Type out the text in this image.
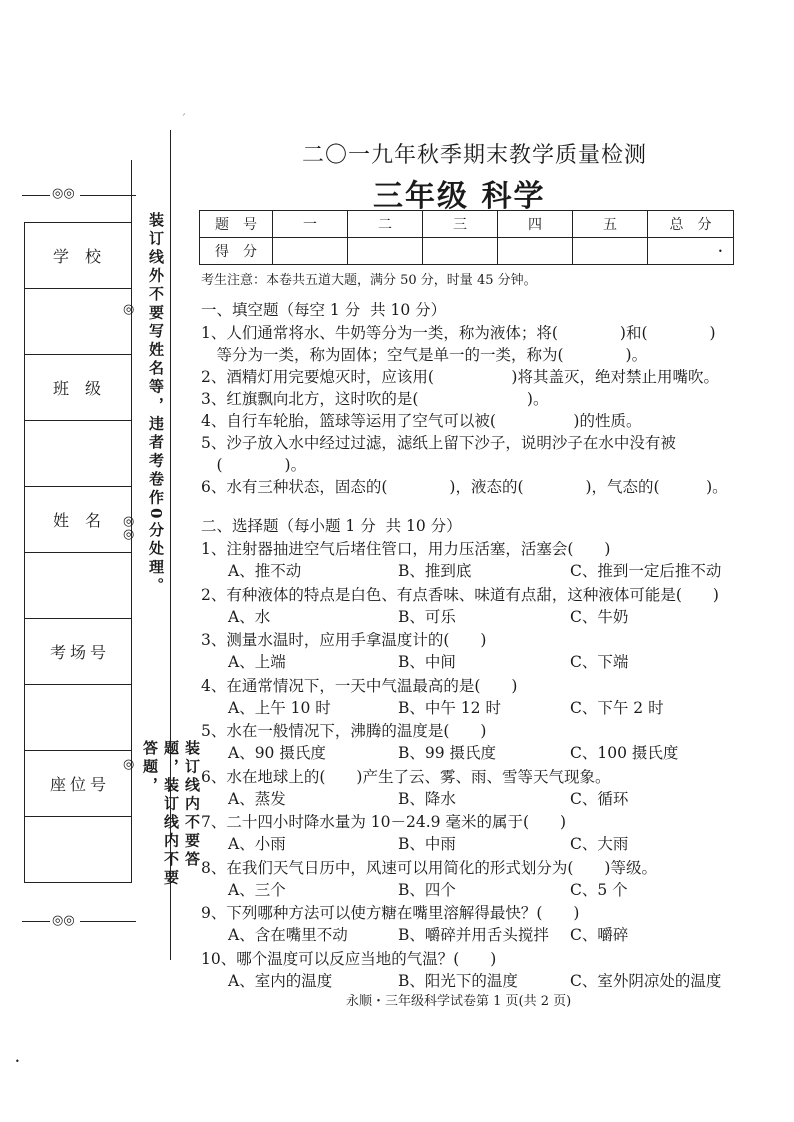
ˊ
•
•
◎◎
◎◎
学校

班级

姓名

考场号

座位号

◎
◎
◎
◎
装订线外不要写姓名等，违者考卷作0分处理。
装订线内不要答题，装订线内不要答题，
二〇一九年秋季期末教学质量检测
三年级 科学
题　号	一	二	三	四	五	总　分
得　分						
考生注意：本卷共五道大题，满分 50 分，时量 45 分钟。
一、填空题（每空 1 分  共 10 分）
1、人们通常将水、牛奶等分为一类，称为液体；将(　　　　)和(　　　　)
　等分为一类，称为固体；空气是单一的一类，称为(　　　　)。
2、酒精灯用完要熄灭时，应该用(　　　　　)将其盖灭，绝对禁止用嘴吹。
3、红旗飘向北方，这时吹的是(　　　　　　　)。
4、自行车轮胎，篮球等运用了空气可以被(　　　　　)的性质。
5、沙子放入水中经过过滤，滤纸上留下沙子，说明沙子在水中没有被
　(　　　　)。
6、水有三种状态，固态的(　　　　)，液态的(　　　　)，气态的(　　　)。
二、选择题（每小题 1 分  共 10 分）
1、注射器抽进空气后堵住管口，用力压活塞，活塞会(　　)
A、推不动	B、推到底	C、推到一定后推不动
2、有种液体的特点是白色、有点香味、味道有点甜，这种液体可能是(　　)
A、水	B、可乐	C、牛奶
3、测量水温时，应用手拿温度计的(　　)
A、上端	B、中间	C、下端
4、在通常情况下，一天中气温最高的是(　　)
A、上午 10 时	B、中午 12 时	C、下午 2 时
5、水在一般情况下，沸腾的温度是(　　)
A、90 摄氏度	B、99 摄氏度	C、100 摄氏度
6、水在地球上的(　　)产生了云、雾、雨、雪等天气现象。
A、蒸发	B、降水	C、循环
7、二十四小时降水量为 10－24.9 毫米的属于(　　)
A、小雨	B、中雨	C、大雨
8、在我们天气日历中，风速可以用简化的形式划分为(　　)等级。
A、三个	B、四个	C、5 个
9、下列哪种方法可以使方糖在嘴里溶解得最快？(　　)
A、含在嘴里不动	B、嚼碎并用舌头搅拌 C、嚼碎
10、哪个温度可以反应当地的气温？(　　)
A、室内的温度	B、阳光下的温度	C、室外阴凉处的温度
永顺・三年级科学试卷第 1 页(共 2 页)
